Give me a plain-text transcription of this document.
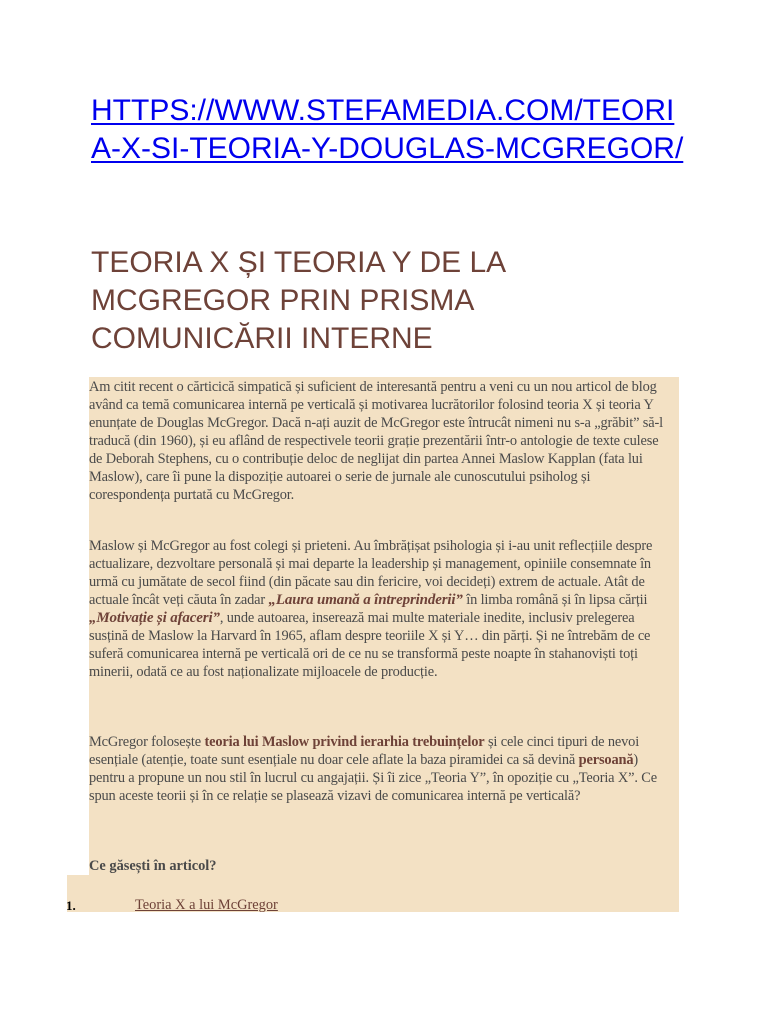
HTTPS://WWW.STEFAMEDIA.COM/TEORIA-X-SI-TEORIA-Y-DOUGLAS-MCGREGOR/
TEORIA X ȘI TEORIA Y DE LA MCGREGOR PRIN PRISMA COMUNICĂRII INTERNE

Am citit recent o cărticică simpatică și suficient de interesantă pentru a veni cu un nou articol de blog având ca temă comunicarea internă pe verticală și motivarea lucrătorilor folosind teoria X și teoria Y enunțate de Douglas McGregor. Dacă n-ați auzit de McGregor este întrucât nimeni nu s-a „grăbit” să-l traducă (din 1960), și eu aflând de respectivele teorii grație prezentării într-o antologie de texte culese de Deborah Stephens, cu o contribuție deloc de neglijat din partea Annei Maslow Kapplan (fata lui Maslow), care îi pune la dispoziție autoarei o serie de jurnale ale cunoscutului psiholog și corespondența purtată cu McGregor.

Maslow și McGregor au fost colegi și prieteni. Au îmbrățișat psihologia și i-au unit reflecțiile despre actualizare, dezvoltare personală și mai departe la leadership și management, opiniile consemnate în urmă cu jumătate de secol fiind (din păcate sau din fericire, voi decideți) extrem de actuale. Atât de actuale încât veți căuta în zadar „Laura umană a întreprinderii” în limba română și în lipsa cărții „Motivație și afaceri”, unde autoarea, inserează mai multe materiale inedite, inclusiv prelegerea susțină de Maslow la Harvard în 1965, aflam despre teoriile X și Y… din părți. Și ne întrebăm de ce suferă comunicarea internă pe verticală ori de ce nu se transformă peste noapte în stahanoviști toți minerii, odată ce au fost naționalizate mijloacele de producție.

McGregor folosește teoria lui Maslow privind ierarhia trebuințelor și cele cinci tipuri de nevoi esențiale (atenție, toate sunt esențiale nu doar cele aflate la baza piramidei ca să devină persoană) pentru a propune un nou stil în lucrul cu angajații. Și îi zice „Teoria Y”, în opoziție cu „Teoria X”. Ce spun aceste teorii și în ce relație se plasează vizavi de comunicarea internă pe verticală?

Ce găsești în articol?

1.	Teoria X a lui McGregor
